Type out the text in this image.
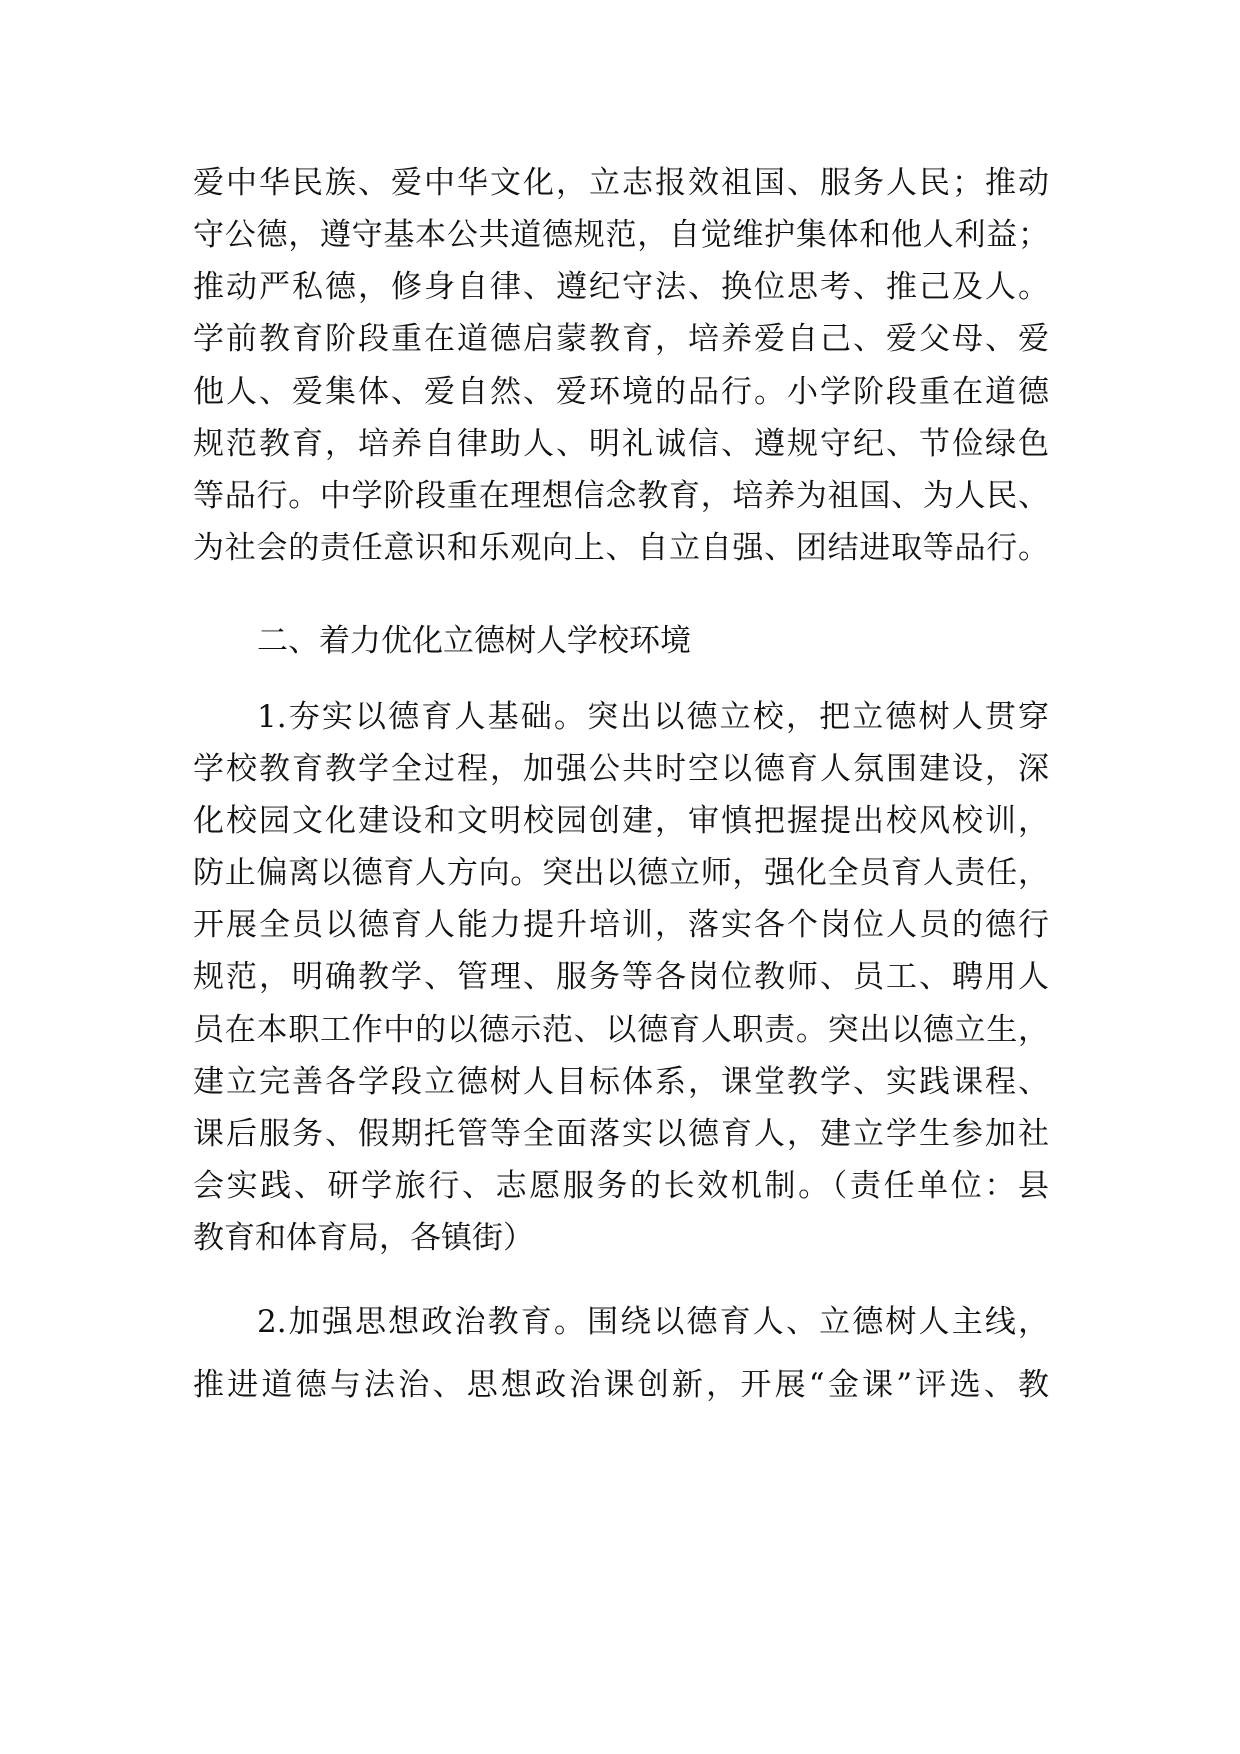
爱中华民族、爱中华文化，立志报效祖国、服务人民；推动
守公德，遵守基本公共道德规范，自觉维护集体和他人利益；
推动严私德，修身自律、遵纪守法、换位思考、推己及人。
学前教育阶段重在道德启蒙教育，培养爱自己、爱父母、爱
他人、爱集体、爱自然、爱环境的品行。小学阶段重在道德
规范教育，培养自律助人、明礼诚信、遵规守纪、节俭绿色
等品行。中学阶段重在理想信念教育，培养为祖国、为人民、
为社会的责任意识和乐观向上、自立自强、团结进取等品行。
二、着力优化立德树人学校环境
1.夯实以德育人基础。突出以德立校，把立德树人贯穿
学校教育教学全过程，加强公共时空以德育人氛围建设，深
化校园文化建设和文明校园创建，审慎把握提出校风校训，
防止偏离以德育人方向。突出以德立师，强化全员育人责任，
开展全员以德育人能力提升培训，落实各个岗位人员的德行
规范，明确教学、管理、服务等各岗位教师、员工、聘用人
员在本职工作中的以德示范、以德育人职责。突出以德立生，
建立完善各学段立德树人目标体系，课堂教学、实践课程、
课后服务、假期托管等全面落实以德育人，建立学生参加社
会实践、研学旅行、志愿服务的长效机制。（责任单位：县
教育和体育局，各镇街）
2.加强思想政治教育。围绕以德育人、立德树人主线，
推进道德与法治、思想政治课创新，开展“金课”评选、教
